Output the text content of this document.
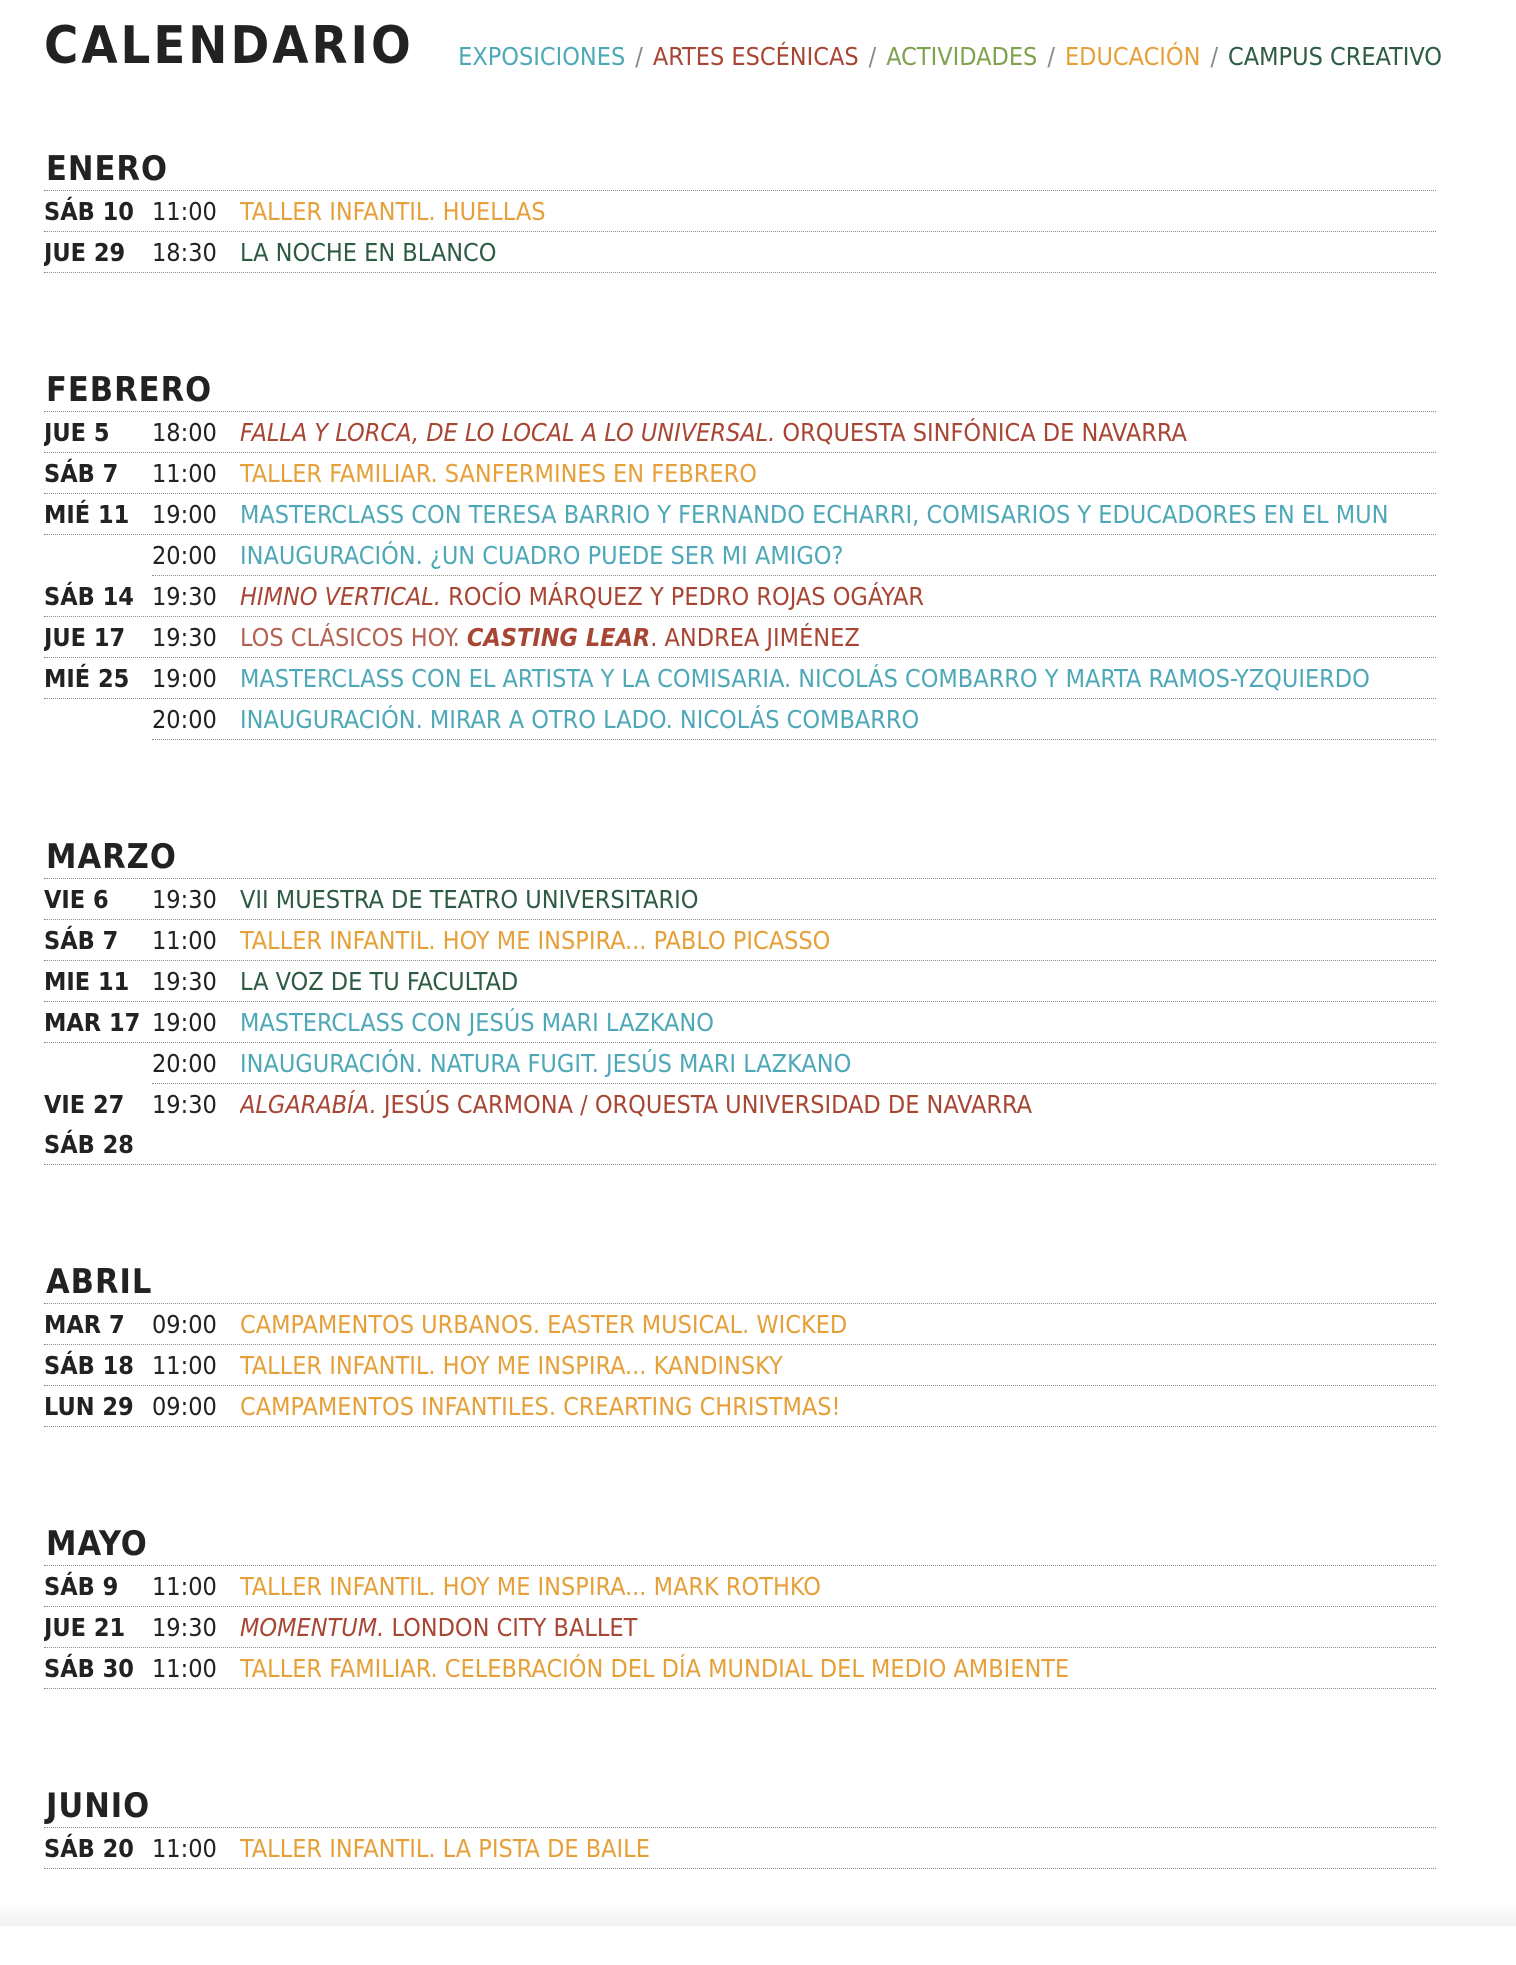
CALENDARIO EXPOSICIONES / ARTES ESCÉNICAS / ACTIVIDADES / EDUCACIÓN / CAMPUS CREATIVO
ENERO
SÁB 10 11:00 TALLER INFANTIL. HUELLAS
JUE 29	18:30 LA NOCHE EN BLANCO
FEBRERO
JUE 5	18:00 FALLA Y LORCA, DE LO LOCAL A LO UNIVERSAL. ORQUESTA SINFÓNICA DE NAVARRA
SÁB 7	11:00 TALLER FAMILIAR. SANFERMINES EN FEBRERO
MIÉ 11 19:00 MASTERCLASS CON TERESA BARRIO Y FERNANDO ECHARRI, COMISARIOS Y EDUCADORES EN EL MUN
20:00 INAUGURACIÓN. ¿UN CUADRO PUEDE SER MI AMIGO?
SÁB 14 19:30 HIMNO VERTICAL. ROCÍO MÁRQUEZ Y PEDRO ROJAS OGÁYAR
JUE 17	19:30 LOS CLÁSICOS HOY. CASTING LEAR. ANDREA JIMÉNEZ
MIÉ 25 19:00 MASTERCLASS CON EL ARTISTA Y LA COMISARIA. NICOLÁS COMBARRO Y MARTA RAMOS-YZQUIERDO
20:00 INAUGURACIÓN. MIRAR A OTRO LADO. NICOLÁS COMBARRO
MARZO
VIE 6	19:30 VII MUESTRA DE TEATRO UNIVERSITARIO
SÁB 7	11:00 TALLER INFANTIL. HOY ME INSPIRA... PABLO PICASSO
MIE 11 19:30 LA VOZ DE TU FACULTAD
MAR 17 19:00 MASTERCLASS CON JESÚS MARI LAZKANO
20:00 INAUGURACIÓN. NATURA FUGIT. JESÚS MARI LAZKANO
VIE 27	19:30 ALGARABÍA. JESÚS CARMONA / ORQUESTA UNIVERSIDAD DE NAVARRA
SÁB 28
ABRIL
MAR 7	09:00 CAMPAMENTOS URBANOS. EASTER MUSICAL. WICKED
SÁB 18 11:00 TALLER INFANTIL. HOY ME INSPIRA... KANDINSKY
LUN 29 09:00 CAMPAMENTOS INFANTILES. CREARTING CHRISTMAS!
MAYO
SÁB 9	11:00 TALLER INFANTIL. HOY ME INSPIRA... MARK ROTHKO
JUE 21	19:30 MOMENTUM. LONDON CITY BALLET
SÁB 30 11:00 TALLER FAMILIAR. CELEBRACIÓN DEL DÍA MUNDIAL DEL MEDIO AMBIENTE
JUNIO
SÁB 20 11:00 TALLER INFANTIL. LA PISTA DE BAILE
